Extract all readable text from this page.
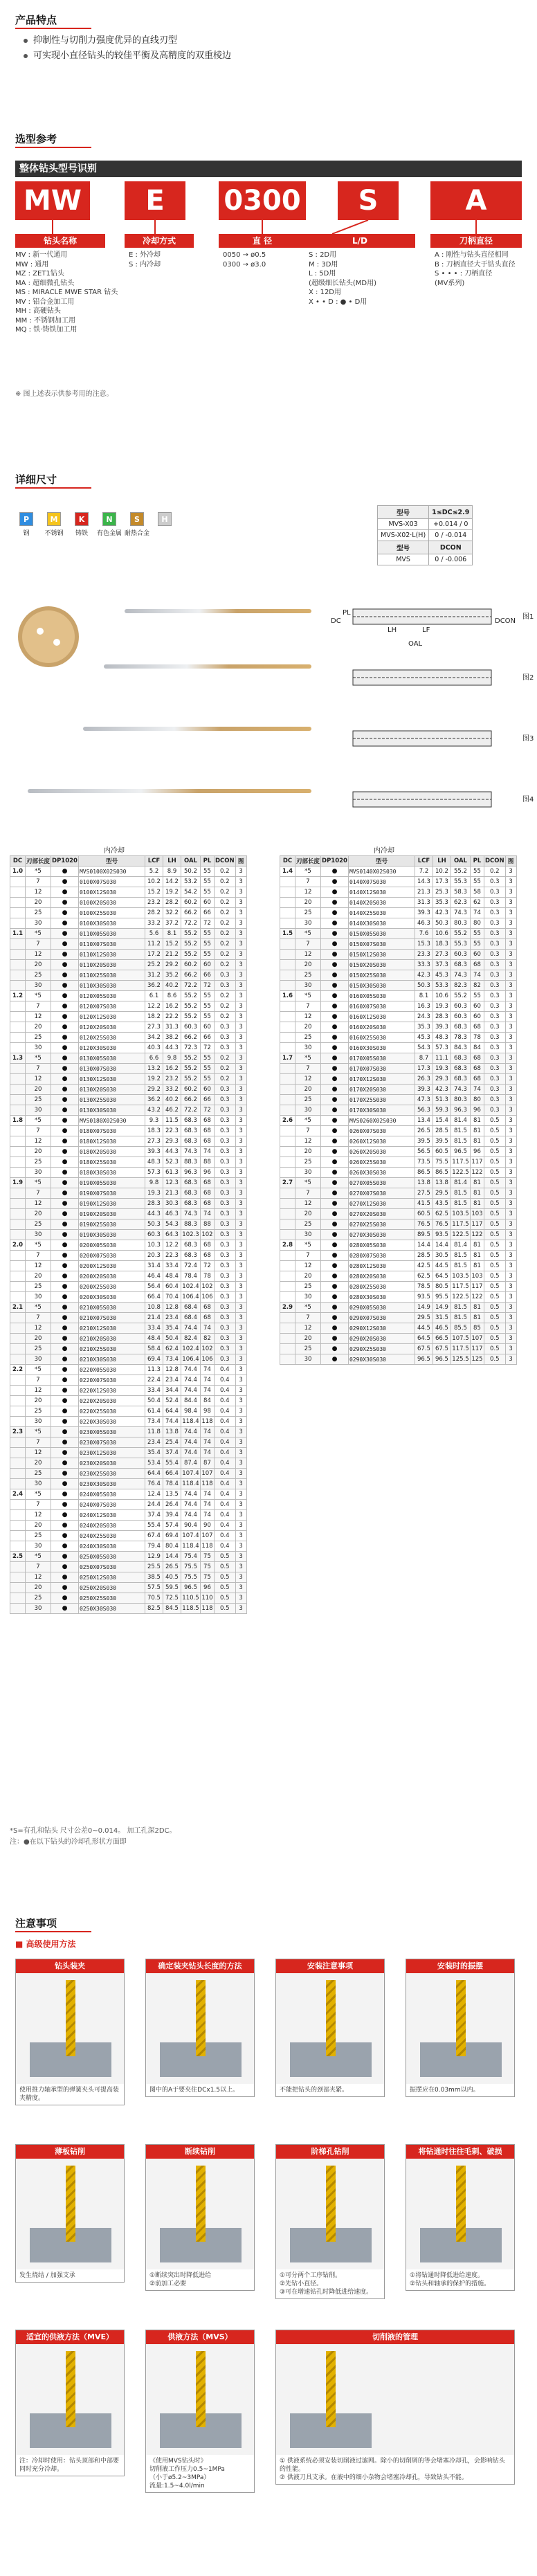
产品特点
抑制性与切削力强度优异的直线刃型
可实现小直径钻头的较佳平衡及高精度的双重棱边
选型参考
整体钻头型号识别
MW	E	0300	S	A
钻头名称	冷却方式	直 径	L/D	刀柄直径
MV : 新一代通用
MW : 通用
MZ : ZET1钻头
MA : 超细微孔钻头
MS : MIRACLE MWE STAR 钻头
MV : 铝合金加工用
MH : 高硬钻头
MM : 不锈钢加工用
MQ : 铁·铸铁加工用
E : 外冷却
S : 内冷却
0050 → ø0.5
0300 → ø3.0
S : 2D用
M : 3D用
L : 5D用
(超级细长钻头(MD用)
X : 12D用
X • • D : ● • D用
A : 刚性与钻头直径相同
B : 刀柄直径大于钻头直径
S • • • : 刀柄直径
(MV系列)
※ 图上述表示供参考用的注意。
详细尺寸
P
钢
M
不锈钢
K
铸铁
N
有色金属
S
耐热合金
H
型号	1≤DC≤2.9
MVS-X03	+0.014 / 0
MVS-X02·L(H)	0 / -0.014
型号	DCON
MVS	0 / -0.006
图1
图2
图3
图4
LF
LH
OAL
PL
DC	DCON
内冷却	内冷却
DC	刃部长度	DP1020	型号	LCF	LH	OAL	PL	DCON	图
1.0	*5	●	MVS0100X02S030	5.2	8.9	50.2	55	0.2	3
	7	●	0100X07S030	10.2	14.2	53.2	55	0.2	3
	12	●	0100X12S030	15.2	19.2	54.2	55	0.2	3
	20	●	0100X20S030	23.2	28.2	60.2	60	0.2	3
	25	●	0100X25S030	28.2	32.2	66.2	66	0.2	3
	30	●	0100X30S030	33.2	37.2	72.2	72	0.2	3
1.1	*5	●	0110X05S030	5.6	8.1	55.2	55	0.2	3
	7	●	0110X07S030	11.2	15.2	55.2	55	0.2	3
	12	●	0110X12S030	17.2	21.2	55.2	55	0.2	3
	20	●	0110X20S030	25.2	29.2	60.2	60	0.2	3
	25	●	0110X25S030	31.2	35.2	66.2	66	0.3	3
	30	●	0110X30S030	36.2	40.2	72.2	72	0.3	3
1.2	*5	●	0120X05S030	6.1	8.6	55.2	55	0.2	3
	7	●	0120X07S030	12.2	16.2	55.2	55	0.2	3
	12	●	0120X12S030	18.2	22.2	55.2	55	0.2	3
	20	●	0120X20S030	27.3	31.3	60.3	60	0.3	3
	25	●	0120X25S030	34.2	38.2	66.2	66	0.3	3
	30	●	0120X30S030	40.3	44.3	72.3	72	0.3	3
1.3	*5	●	0130X05S030	6.6	9.8	55.2	55	0.2	3
	7	●	0130X07S030	13.2	16.2	55.2	55	0.2	3
	12	●	0130X12S030	19.2	23.2	55.2	55	0.2	3
	20	●	0130X20S030	29.2	33.2	60.2	60	0.3	3
	25	●	0130X25S030	36.2	40.2	66.2	66	0.3	3
	30	●	0130X30S030	43.2	46.2	72.2	72	0.3	3
1.8	*5	●	MVS0180X02S030	9.3	11.5	68.3	68	0.3	3
	7	●	0180X07S030	18.3	22.3	68.3	68	0.3	3
	12	●	0180X12S030	27.3	29.3	68.3	68	0.3	3
	20	●	0180X20S030	39.3	44.3	74.3	74	0.3	3
	25	●	0180X25S030	48.3	52.3	88.3	88	0.3	3
	30	●	0180X30S030	57.3	61.3	96.3	96	0.3	3
1.9	*5	●	0190X05S030	9.8	12.3	68.3	68	0.3	3
	7	●	0190X07S030	19.3	21.3	68.3	68	0.3	3
	12	●	0190X12S030	28.3	30.3	68.3	68	0.3	3
	20	●	0190X20S030	44.3	46.3	74.3	74	0.3	3
	25	●	0190X25S030	50.3	54.3	88.3	88	0.3	3
	30	●	0190X30S030	60.3	64.3	102.3	102	0.3	3
2.0	*5	●	0200X05S030	10.3	12.2	68.3	68	0.3	3
	7	●	0200X07S030	20.3	22.3	68.3	68	0.3	3
	12	●	0200X12S030	31.4	33.4	72.4	72	0.3	3
	20	●	0200X20S030	46.4	48.4	78.4	78	0.3	3
	25	●	0200X25S030	56.4	60.4	102.4	102	0.3	3
	30	●	0200X30S030	66.4	70.4	106.4	106	0.3	3
2.1	*5	●	0210X05S030	10.8	12.8	68.4	68	0.3	3
	7	●	0210X07S030	21.4	23.4	68.4	68	0.3	3
	12	●	0210X12S030	33.4	35.4	74.4	74	0.3	3
	20	●	0210X20S030	48.4	50.4	82.4	82	0.3	3
	25	●	0210X25S030	58.4	62.4	102.4	102	0.3	3
	30	●	0210X30S030	69.4	73.4	106.4	106	0.3	3
2.2	*5	●	0220X05S030	11.3	12.8	74.4	74	0.4	3
	7	●	0220X07S030	22.4	23.4	74.4	74	0.4	3
	12	●	0220X12S030	33.4	34.4	74.4	74	0.4	3
	20	●	0220X20S030	50.4	52.4	84.4	84	0.4	3
	25	●	0220X25S030	61.4	64.4	98.4	98	0.4	3
	30	●	0220X30S030	73.4	74.4	118.4	118	0.4	3
2.3	*5	●	0230X05S030	11.8	13.8	74.4	74	0.4	3
	7	●	0230X07S030	23.4	25.4	74.4	74	0.4	3
	12	●	0230X12S030	35.4	37.4	74.4	74	0.4	3
	20	●	0230X20S030	53.4	55.4	87.4	87	0.4	3
	25	●	0230X25S030	64.4	66.4	107.4	107	0.4	3
	30	●	0230X30S030	76.4	78.4	118.4	118	0.4	3
2.4	*5	●	0240X05S030	12.4	13.5	74.4	74	0.4	3
	7	●	0240X07S030	24.4	26.4	74.4	74	0.4	3
	12	●	0240X12S030	37.4	39.4	74.4	74	0.4	3
	20	●	0240X20S030	55.4	57.4	90.4	90	0.4	3
	25	●	0240X25S030	67.4	69.4	107.4	107	0.4	3
	30	●	0240X30S030	79.4	80.4	118.4	118	0.4	3
2.5	*5	●	0250X05S030	12.9	14.4	75.4	75	0.5	3
	7	●	0250X07S030	25.5	26.5	75.5	75	0.5	3
	12	●	0250X12S030	38.5	40.5	75.5	75	0.5	3
	20	●	0250X20S030	57.5	59.5	96.5	96	0.5	3
	25	●	0250X25S030	70.5	72.5	110.5	110	0.5	3
	30	●	0250X30S030	82.5	84.5	118.5	118	0.5	3
DC	刃部长度	DP1020	型号	LCF	LH	OAL	PL	DCON	图
1.4	*5	●	MVS0140X02S030	7.2	10.2	55.2	55	0.2	3
	7	●	0140X07S030	14.3	17.3	55.3	55	0.3	3
	12	●	0140X12S030	21.3	25.3	58.3	58	0.3	3
	20	●	0140X20S030	31.3	35.3	62.3	62	0.3	3
	25	●	0140X25S030	39.3	42.3	74.3	74	0.3	3
	30	●	0140X30S030	46.3	50.3	80.3	80	0.3	3
1.5	*5	●	0150X05S030	7.6	10.6	55.2	55	0.3	3
	7	●	0150X07S030	15.3	18.3	55.3	55	0.3	3
	12	●	0150X12S030	23.3	27.3	60.3	60	0.3	3
	20	●	0150X20S030	33.3	37.3	68.3	68	0.3	3
	25	●	0150X25S030	42.3	45.3	74.3	74	0.3	3
	30	●	0150X30S030	50.3	53.3	82.3	82	0.3	3
1.6	*5	●	0160X05S030	8.1	10.6	55.2	55	0.3	3
	7	●	0160X07S030	16.3	19.3	60.3	60	0.3	3
	12	●	0160X12S030	24.3	28.3	60.3	60	0.3	3
	20	●	0160X20S030	35.3	39.3	68.3	68	0.3	3
	25	●	0160X25S030	45.3	48.3	78.3	78	0.3	3
	30	●	0160X30S030	54.3	57.3	84.3	84	0.3	3
1.7	*5	●	0170X05S030	8.7	11.1	68.3	68	0.3	3
	7	●	0170X07S030	17.3	19.3	68.3	68	0.3	3
	12	●	0170X12S030	26.3	29.3	68.3	68	0.3	3
	20	●	0170X20S030	39.3	42.3	74.3	74	0.3	3
	25	●	0170X25S030	47.3	51.3	80.3	80	0.3	3
	30	●	0170X30S030	56.3	59.3	96.3	96	0.3	3
2.6	*5	●	MVS0260X02S030	13.4	15.4	81.4	81	0.5	3
	7	●	0260X07S030	26.5	28.5	81.5	81	0.5	3
	12	●	0260X12S030	39.5	39.5	81.5	81	0.5	3
	20	●	0260X20S030	56.5	60.5	96.5	96	0.5	3
	25	●	0260X25S030	73.5	75.5	117.5	117	0.5	3
	30	●	0260X30S030	86.5	86.5	122.5	122	0.5	3
2.7	*5	●	0270X05S030	13.8	13.8	81.4	81	0.5	3
	7	●	0270X07S030	27.5	29.5	81.5	81	0.5	3
	12	●	0270X12S030	41.5	43.5	81.5	81	0.5	3
	20	●	0270X20S030	60.5	62.5	103.5	103	0.5	3
	25	●	0270X25S030	76.5	76.5	117.5	117	0.5	3
	30	●	0270X30S030	89.5	93.5	122.5	122	0.5	3
2.8	*5	●	0280X05S030	14.4	14.4	81.4	81	0.5	3
	7	●	0280X07S030	28.5	30.5	81.5	81	0.5	3
	12	●	0280X12S030	42.5	44.5	81.5	81	0.5	3
	20	●	0280X20S030	62.5	64.5	103.5	103	0.5	3
	25	●	0280X25S030	78.5	80.5	117.5	117	0.5	3
	30	●	0280X30S030	93.5	95.5	122.5	122	0.5	3
2.9	*5	●	0290X05S030	14.9	14.9	81.5	81	0.5	3
	7	●	0290X07S030	29.5	31.5	81.5	81	0.5	3
	12	●	0290X12S030	44.5	46.5	85.5	85	0.5	3
	20	●	0290X20S030	64.5	66.5	107.5	107	0.5	3
	25	●	0290X25S030	67.5	67.5	117.5	117	0.5	3
	30	●	0290X30S030	96.5	96.5	125.5	125	0.5	3
*S=有孔和钻头 尺寸公差0~0.014。 加工孔深2DC。
注：●在以下钻头的冷却孔形状方面即
注意事项
■ 高级使用方法
钻头装夹
使用推力轴承型的弹簧夹头可提高装夹精度。
确定装夹钻头长度的方法
图中的A于要夹住DCx1.5以上。
安装注意事项
不能把钻头的颈部夹紧。
安装时的振摆
振摆应在0.03mm以内。
薄板钻削
发生烧结 / 加强支承
断续钻削
①断续突出时降低进给
②前加工必要
阶梯孔钻削
①可分两个工序钻削。
②先钻小直径。
③可在增速钻孔时降低进给速度。
将钻通时往往毛刺、破损
①将钻通时降低进给速度。
②钻头和轴承的保护的措施。
适宜的供液方法（MVE）
注：冷却时使用：钻头顶部和中部要同时充分冷却。
供液方法（MVS）
《使用MVS钻头时》
切削液工作压力0.5~1MPa
（小于ø5.2~3MPa）
流量:1.5~4.0l/min
切削液的管理
① 供液系统必须安装切削液过滤网。除小的切削屑的等会堵塞冷却孔，会影响钻头的性能。
② 供液刀具支承。在液中的细小杂物会堵塞冷却孔，导致钻头不能。
